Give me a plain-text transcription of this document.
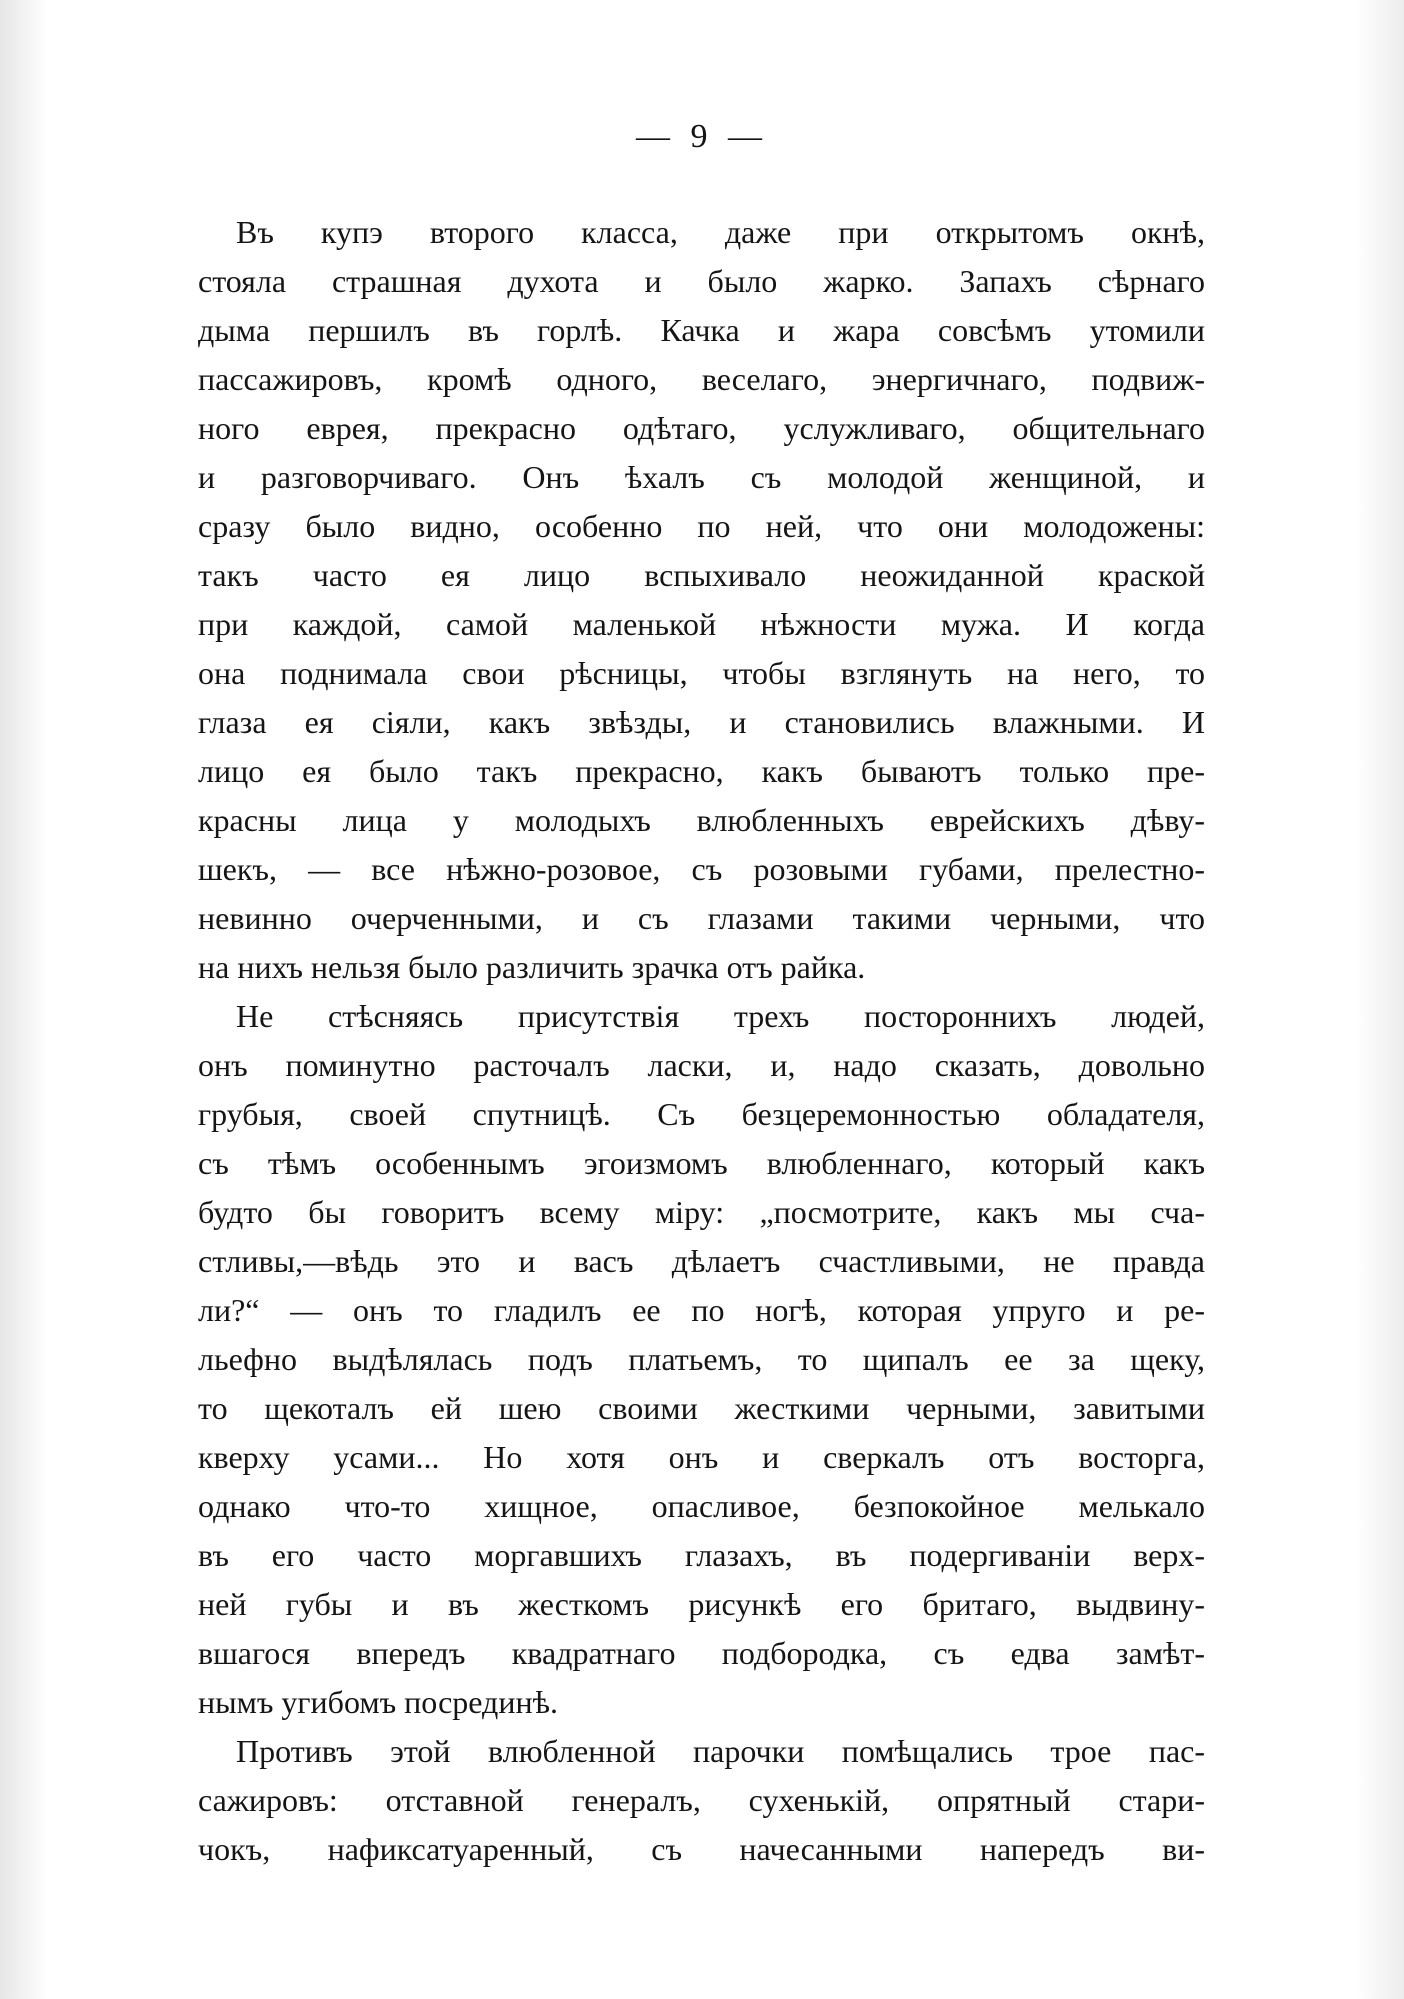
— 9 —
Въ купэ второго класса, даже при открытомъ окнѣ,
стояла страшная духота и было жарко. Запахъ сѣрнаго
дыма першилъ въ горлѣ. Качка и жара совсѣмъ утомили
пассажировъ, кромѣ одного, веселаго, энергичнаго, подвиж-
ного еврея, прекрасно одѣтаго, услужливаго, общительнаго
и разговорчиваго. Онъ ѣхалъ съ молодой женщиной, и
сразу было видно, особенно по ней, что они молодожены:
такъ часто ея лицо вспыхивало неожиданной краской
при каждой, самой маленькой нѣжности мужа. И когда
она поднимала свои рѣсницы, чтобы взглянуть на него, то
глаза ея сіяли, какъ звѣзды, и становились влажными. И
лицо ея было такъ прекрасно, какъ бываютъ только пре-
красны лица у молодыхъ влюбленныхъ еврейскихъ дѣву-
шекъ, — все нѣжно-розовое, съ розовыми губами, прелестно-
невинно очерченными, и съ глазами такими черными, что
на нихъ нельзя было различить зрачка отъ райка.
Не стѣсняясь присутствія трехъ постороннихъ людей,
онъ поминутно расточалъ ласки, и, надо сказать, довольно
грубыя, своей спутницѣ. Съ безцеремонностью обладателя,
съ тѣмъ особеннымъ эгоизмомъ влюбленнаго, который какъ
будто бы говоритъ всему міру: „посмотрите, какъ мы сча-
стливы,—вѣдь это и васъ дѣлаетъ счастливыми, не правда
ли?“ — онъ то гладилъ ее по ногѣ, которая упруго и ре-
льефно выдѣлялась подъ платьемъ, то щипалъ ее за щеку,
то щекоталъ ей шею своими жесткими черными, завитыми
кверху усами... Но хотя онъ и сверкалъ отъ восторга,
однако что-то хищное, опасливое, безпокойное мелькало
въ его часто моргавшихъ глазахъ, въ подергиваніи верх-
ней губы и въ жесткомъ рисункѣ его бритаго, выдвину-
вшагося впередъ квадратнаго подбородка, съ едва замѣт-
нымъ угибомъ посрединѣ.
Противъ этой влюбленной парочки помѣщались трое пас-
сажировъ: отставной генералъ, сухенькій, опрятный стари-
чокъ, нафиксатуаренный, съ начесанными напередъ ви-
